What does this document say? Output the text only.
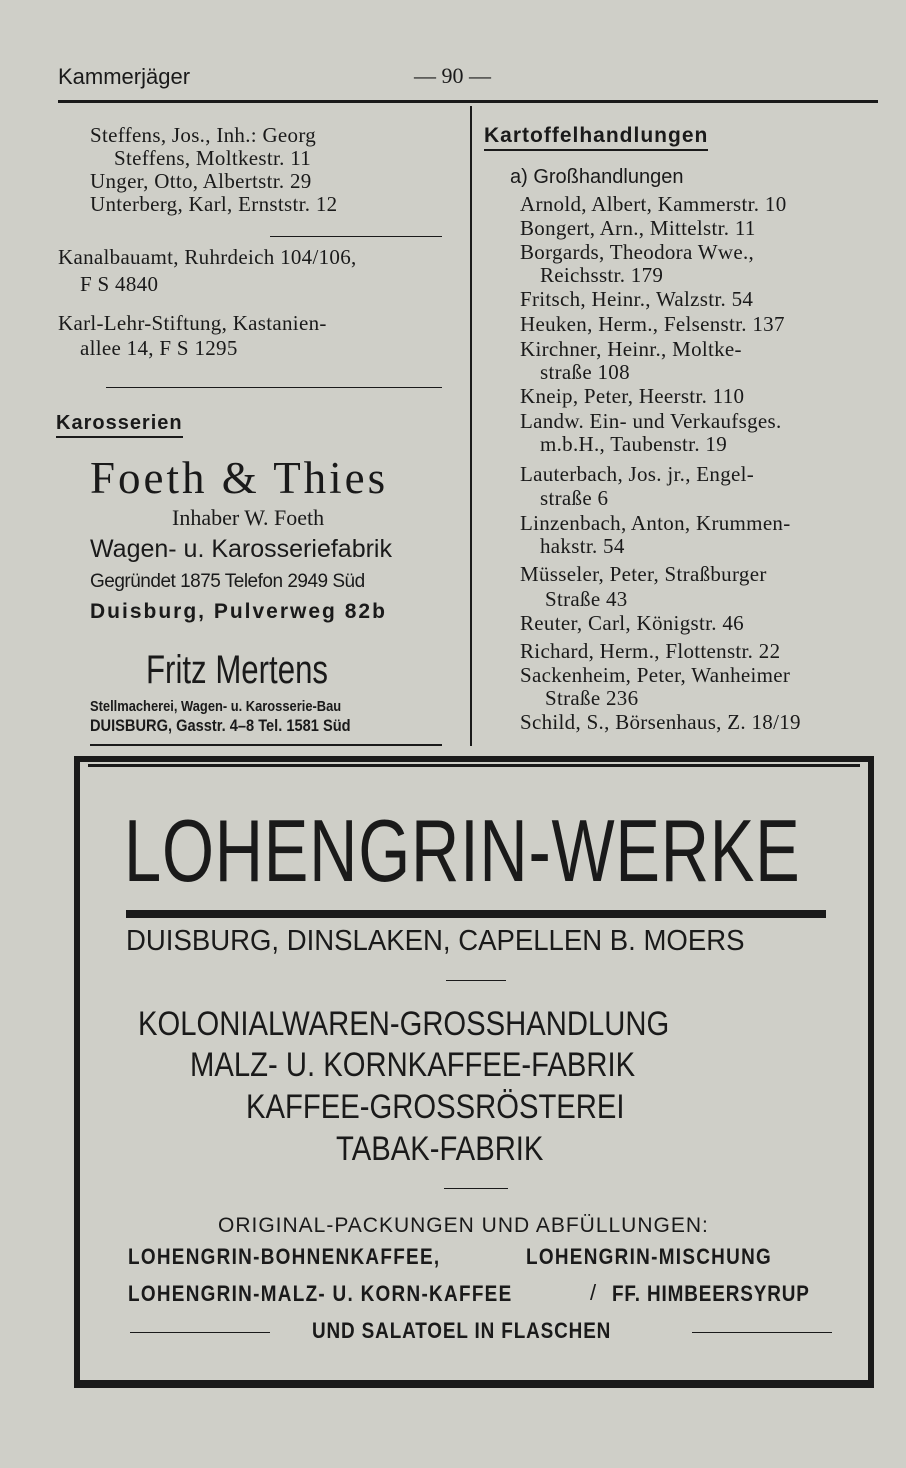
Kammerjäger	— 90 —
Steffens, Jos., Inh.: Georg
Steffens, Moltkestr. 11
Unger, Otto, Albertstr. 29
Unterberg, Karl, Ernststr. 12
Kanalbauamt, Ruhrdeich 104/106,
F S 4840
Karl-Lehr-Stiftung, Kastanien-
allee 14, F S 1295
Karosserien
Foeth & Thies
Inhaber W. Foeth
Wagen- u. Karosseriefabrik
Gegründet 1875 Telefon 2949 Süd
Duisburg, Pulverweg 82b
Fritz Mertens
Stellmacherei, Wagen- u. Karosserie-Bau
DUISBURG, Gasstr. 4–8 Tel. 1581 Süd
Kartoffelhandlungen
a) Großhandlungen
Arnold, Albert, Kammerstr. 10
Bongert, Arn., Mittelstr. 11
Borgards, Theodora Wwe.,
Reichsstr. 179
Fritsch, Heinr., Walzstr. 54
Heuken, Herm., Felsenstr. 137
Kirchner, Heinr., Moltke-
straße 108
Kneip, Peter, Heerstr. 110
Landw. Ein- und Verkaufsges.
m.b.H., Taubenstr. 19
Lauterbach, Jos. jr., Engel-
straße 6
Linzenbach, Anton, Krummen-
hakstr. 54
Müsseler, Peter, Straßburger
Straße 43
Reuter, Carl, Königstr. 46
Richard, Herm., Flottenstr. 22
Sackenheim, Peter, Wanheimer
Straße 236
Schild, S., Börsenhaus, Z. 18/19
LOHENGRIN-WERKE
DUISBURG, DINSLAKEN, CAPELLEN B. MOERS
KOLONIALWAREN-GROSSHANDLUNG
MALZ- U. KORNKAFFEE-FABRIK
KAFFEE-GROSSRÖSTEREI
TABAK-FABRIK
ORIGINAL-PACKUNGEN UND ABFÜLLUNGEN:
LOHENGRIN-BOHNENKAFFEE,	LOHENGRIN-MISCHUNG
LOHENGRIN-MALZ- U. KORN-KAFFEE	/ FF. HIMBEERSYRUP
UND SALATOEL IN FLASCHEN
